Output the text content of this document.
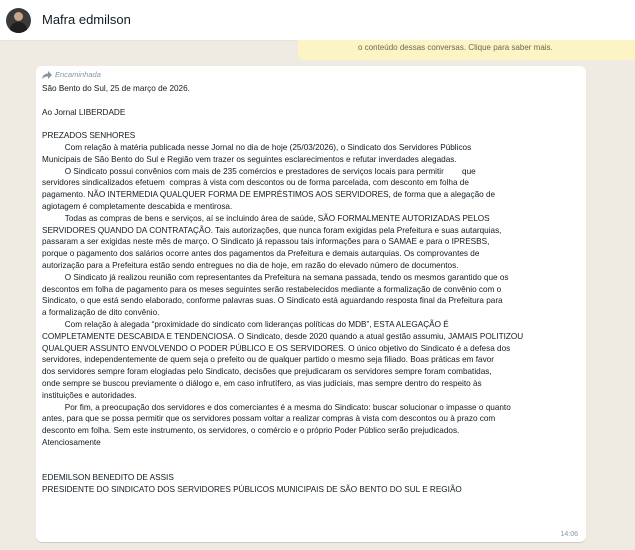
Mafra edmilson
o conteúdo dessas conversas. Clique para saber mais.
Encaminhada
São Bento do Sul, 25 de março de 2026.

Ao Jornal LIBERDADE

PREZADOS SENHORES
Com relação à matéria publicada nesse Jornal no dia de hoje (25/03/2026), o Sindicato dos Servidores Públicos
Municipais de São Bento do Sul e Região vem trazer os seguintes esclarecimentos e refutar inverdades alegadas.
O Sindicato possui convênios com mais de 235 comércios e prestadores de serviços locais para permitir        que
servidores sindicalizados efetuem  compras à vista com descontos ou de forma parcelada, com desconto em folha de
pagamento. NÃO INTERMEDIA QUALQUER FORMA DE EMPRÉSTIMOS AOS SERVIDORES, de forma que a alegação de
agiotagem é completamente descabida e mentirosa.
Todas as compras de bens e serviços, aí se incluindo área de saúde, SÃO FORMALMENTE AUTORIZADAS PELOS
SERVIDORES QUANDO DA CONTRATAÇÃO. Tais autorizações, que nunca foram exigidas pela Prefeitura e suas autarquias,
passaram a ser exigidas neste mês de março. O Sindicato já repassou tais informações para o SAMAE e para o IPRESBS,
porque o pagamento dos salários ocorre antes dos pagamentos da Prefeitura e demais autarquias. Os comprovantes de
autorização para a Prefeitura estão sendo entregues no dia de hoje, em razão do elevado número de documentos.
O Sindicato já realizou reunião com representantes da Prefeitura na semana passada, tendo os mesmos garantido que os
descontos em folha de pagamento para os meses seguintes serão restabelecidos mediante a formalização de convênio com o
Sindicato, o que está sendo elaborado, conforme palavras suas. O Sindicato está aguardando resposta final da Prefeitura para
a formalização de dito convênio.
Com relação à alegada “proximidade do sindicato com lideranças políticas do MDB”, ESTA ALEGAÇÃO É
COMPLETAMENTE DESCABIDA E TENDENCIOSA. O Sindicato, desde 2020 quando a atual gestão assumiu, JAMAIS POLITIZOU
QUALQUER ASSUNTO ENVOLVENDO O PODER PÚBLICO E OS SERVIDORES. O único objetivo do Sindicato é a defesa dos
servidores, independentemente de quem seja o prefeito ou de qualquer partido o mesmo seja filiado. Boas práticas em favor
dos servidores sempre foram elogiadas pelo Sindicato, decisões que prejudicaram os servidores sempre foram combatidas,
onde sempre se buscou previamente o diálogo e, em caso infrutífero, as vias judiciais, mas sempre dentro do respeito às
instituições e autoridades.
Por fim, a preocupação dos servidores e dos comerciantes é a mesma do Sindicato: buscar solucionar o impasse o quanto
antes, para que se possa permitir que os servidores possam voltar a realizar compras à vista com descontos ou à prazo com
desconto em folha. Sem este instrumento, os servidores, o comércio e o próprio Poder Público serão prejudicados.
Atenciosamente

EDEMILSON BENEDITO DE ASSIS
PRESIDENTE DO SINDICATO DOS SERVIDORES PÚBLICOS MUNICIPAIS DE SÃO BENTO DO SUL E REGIÃO
14:06
